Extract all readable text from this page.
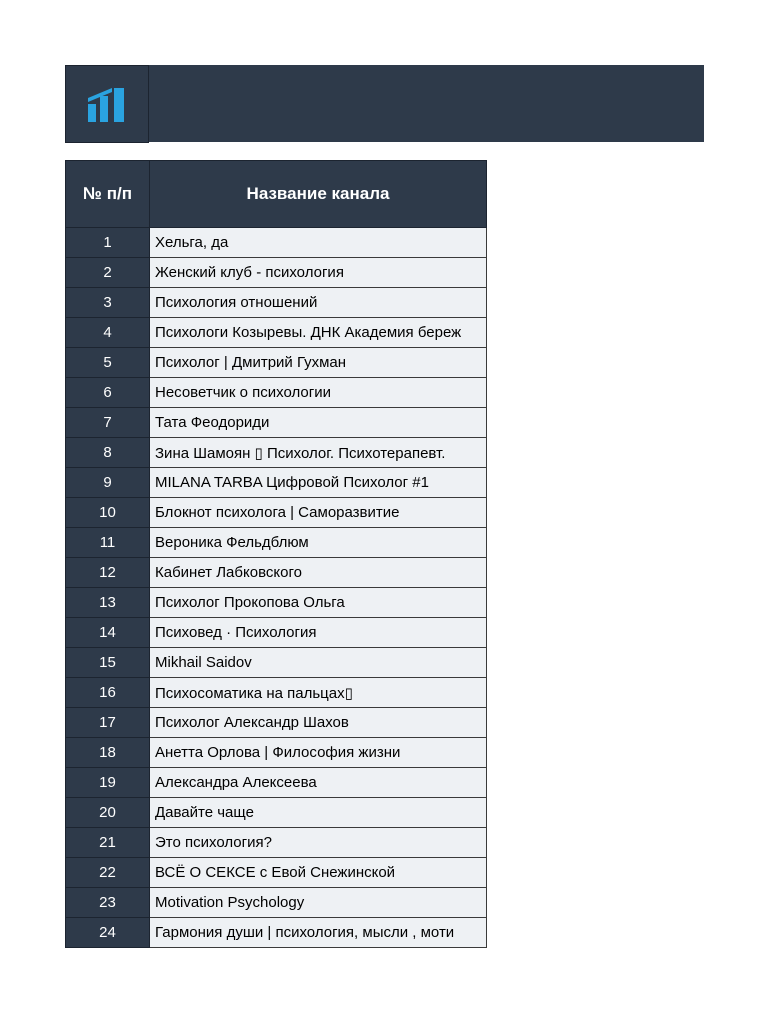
№ п/п	Название канала
1	Хельга, да
2	Женский клуб - психология
3	Психология отношений
4	Психологи Козыревы. ДНК Академия береж
5	Психолог | Дмитрий Гухман
6	Несоветчик о психологии
7	Тата Феодориди
8	Зина Шамоян ▯ Психолог. Психотерапевт.
9	MILANA TARBA Цифровой Психолог #1
10	Блокнот психолога | Саморазвитие
11	Вероника Фельдблюм
12	Кабинет Лабковского
13	Психолог Прокопова Ольга
14	Психовед · Психология
15	Mikhail Saidov
16	Психосоматика на пальцах▯
17	Психолог Александр Шахов
18	Анетта Орлова | Философия жизни
19	Александра Алексеева
20	Давайте чаще
21	Это психология?
22	ВСЁ О СЕКСЕ с Евой Снежинской
23	Motivation Psychology
24	Гармония души | психология, мысли , моти
